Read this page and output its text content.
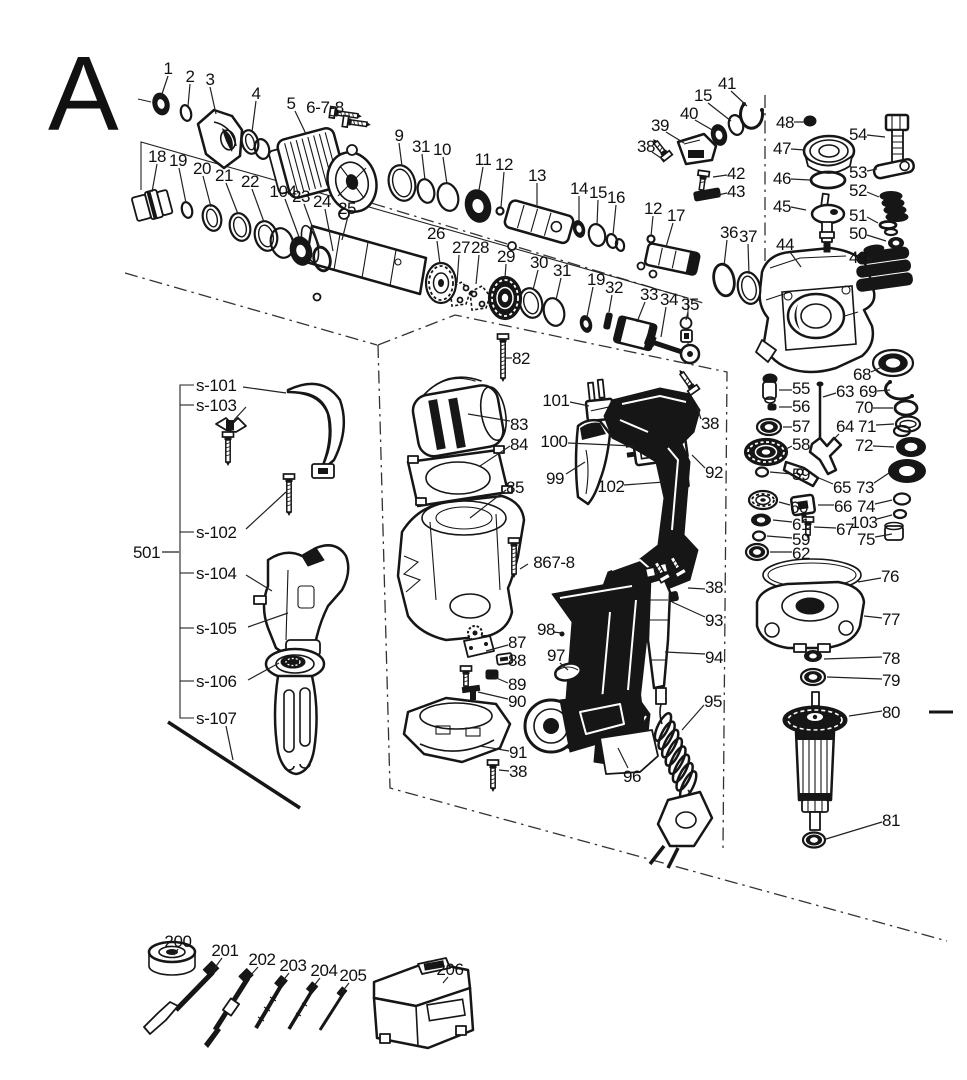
A	1 2 3
4
5 6-7-8
18 19 20 21 22
104
23 24 25
9
31 10
11 12
13
14 15 16
12 17
26
27 28 29 30 31 19 32 33 34 35
36 37 44
41
15
40
39
38
42
43
48
54
47
46	53
52
45	51
50
49
s-101
s-103
s-102
501
s-104
s-105
s-106
s-107
82
83
84
85
101
100
99 102
38
92
867-8
87
88
89
90
91
38
98
97
96
38
93
94
95
55
56
57
58
59
60
61
59
62
63 69
68
70
64 71
72
65 73
66 74
103
67
75
76
77
78
79
80
81
200 201 202 203 204 205	206
